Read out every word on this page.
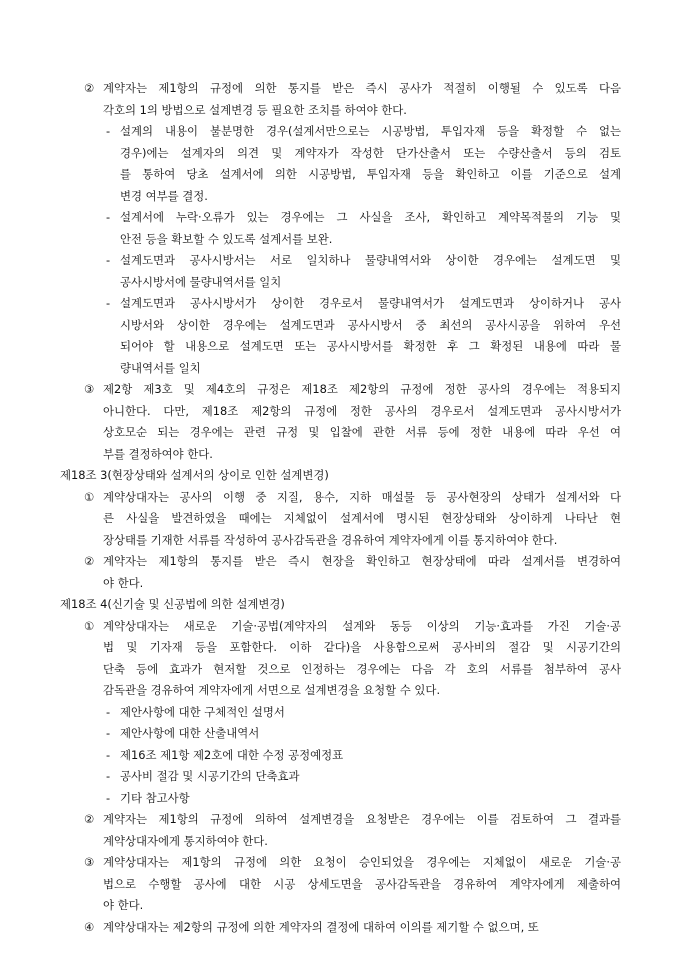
② 계약자는 제1항의 규정에 의한 통지를 받은 즉시 공사가 적절히 이행될 수 있도록 다음
각호의 1의 방법으로 설계변경 등 필요한 조치를 하여야 한다.
- 설계의 내용이 불분명한 경우(설계서만으로는 시공방법, 투입자재 등을 확정할 수 없는
경우)에는 설계자의 의견 및 계약자가 작성한 단가산출서 또는 수량산출서 등의 검토
를 통하여 당초 설계서에 의한 시공방법, 투입자재 등을 확인하고 이를 기준으로 설계
변경 여부를 결정.
- 설계서에 누락·오류가 있는 경우에는 그 사실을 조사, 확인하고 계약목적물의 기능 및
안전 등을 확보할 수 있도록 설계서를 보완.
- 설계도면과 공사시방서는 서로 일치하나 물량내역서와 상이한 경우에는 설계도면 및
공사시방서에 물량내역서를 일치
- 설계도면과 공사시방서가 상이한 경우로서 물량내역서가 설계도면과 상이하거나 공사
시방서와 상이한 경우에는 설계도면과 공사시방서 중 최선의 공사시공을 위하여 우선
되어야 할 내용으로 설계도면 또는 공사시방서를 확정한 후 그 확정된 내용에 따라 물
량내역서를 일치
③ 제2항 제3호 및 제4호의 규정은 제18조 제2항의 규정에 정한 공사의 경우에는 적용되지
아니한다. 다만, 제18조 제2항의 규정에 정한 공사의 경우로서 설계도면과 공사시방서가
상호모순 되는 경우에는 관련 규정 및 입찰에 관한 서류 등에 정한 내용에 따라 우선 여
부를 결정하여야 한다.
제18조 3(현장상태와 설계서의 상이로 인한 설계변경)
① 계약상대자는 공사의 이행 중 지질, 용수, 지하 매설물 등 공사현장의 상태가 설계서와 다
른 사실을 발견하였을 때에는 지체없이 설계서에 명시된 현장상태와 상이하게 나타난 현
장상태를 기재한 서류를 작성하여 공사감독관을 경유하여 계약자에게 이를 통지하여야 한다.
② 계약자는 제1항의 통지를 받은 즉시 현장을 확인하고 현장상태에 따라 설계서를 변경하여
야 한다.
제18조 4(신기술 및 신공법에 의한 설계변경)
① 계약상대자는 새로운 기술·공법(계약자의 설계와 동등 이상의 기능·효과를 가진 기술·공
법 및 기자재 등을 포함한다. 이하 같다)을 사용함으로써 공사비의 절감 및 시공기간의
단축 등에 효과가 현저할 것으로 인정하는 경우에는 다음 각 호의 서류를 첨부하여 공사
감독관을 경유하여 계약자에게 서면으로 설계변경을 요청할 수 있다.
- 제안사항에 대한 구체적인 설명서
- 제안사항에 대한 산출내역서
- 제16조 제1항 제2호에 대한 수정 공정예정표
- 공사비 절감 및 시공기간의 단축효과
- 기타 참고사항
② 계약자는 제1항의 규정에 의하여 설계변경을 요청받은 경우에는 이를 검토하여 그 결과를
계약상대자에게 통지하여야 한다.
③ 계약상대자는 제1항의 규정에 의한 요청이 승인되었을 경우에는 지체없이 새로운 기술·공
법으로 수행할 공사에 대한 시공 상세도면을 공사감독관을 경유하여 계약자에게 제출하여
야 한다.
④ 계약상대자는 제2항의 규정에 의한 계약자의 결정에 대하여 이의를 제기할 수 없으며, 또
